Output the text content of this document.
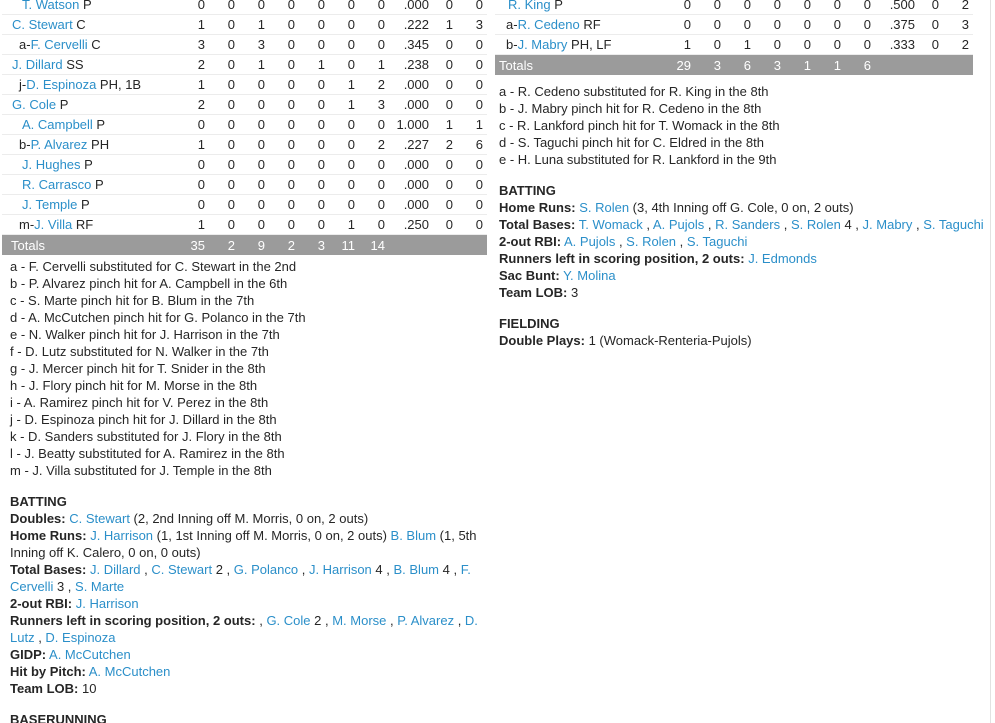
T. Watson P	0	0	0	0	0	0	0	.000	0	0
C. Stewart C	1	0	1	0	0	0	0	.222	1	3
a-F. Cervelli C	3	0	3	0	0	0	0	.345	0	0
J. Dillard SS	2	0	1	0	1	0	1	.238	0	0
j-D. Espinoza PH, 1B	1	0	0	0	0	1	2	.000	0	0
G. Cole P	2	0	0	0	0	1	3	.000	0	0
A. Campbell P	0	0	0	0	0	0	0 1.000	1	1
b-P. Alvarez PH	1	0	0	0	0	0	2	.227	2	6
J. Hughes P	0	0	0	0	0	0	0	.000	0	0
R. Carrasco P	0	0	0	0	0	0	0	.000	0	0
J. Temple P	0	0	0	0	0	0	0	.000	0	0
m-J. Villa RF	1	0	0	0	0	1	0	.250	0	0
Totals	35	2	9	2	3	11	14
a - F. Cervelli substituted for C. Stewart in the 2nd
b - P. Alvarez pinch hit for A. Campbell in the 6th
c - S. Marte pinch hit for B. Blum in the 7th
d - A. McCutchen pinch hit for G. Polanco in the 7th
e - N. Walker pinch hit for J. Harrison in the 7th
f - D. Lutz substituted for N. Walker in the 7th
g - J. Mercer pinch hit for T. Snider in the 8th
h - J. Flory pinch hit for M. Morse in the 8th
i - A. Ramirez pinch hit for V. Perez in the 8th
j - D. Espinoza pinch hit for J. Dillard in the 8th
k - D. Sanders substituted for J. Flory in the 8th
l - J. Beatty substituted for A. Ramirez in the 8th
m - J. Villa substituted for J. Temple in the 8th
BATTING
Doubles: C. Stewart (2, 2nd Inning off M. Morris, 0 on, 2 outs)
Home Runs: J. Harrison (1, 1st Inning off M. Morris, 0 on, 2 outs) B. Blum (1, 5th Inning off K. Calero, 0 on, 0 outs)
Total Bases: J. Dillard , C. Stewart 2 , G. Polanco , J. Harrison 4 , B. Blum 4 , F. Cervelli 3 , S. Marte
2-out RBI: J. Harrison
Runners left in scoring position, 2 outs: , G. Cole 2 , M. Morse , P. Alvarez , D. Lutz , D. Espinoza
GIDP: A. McCutchen
Hit by Pitch: A. McCutchen
Team LOB: 10
BASERUNNING
R. King P	0	0	0	0	0	0	0	.500	0	2
a-R. Cedeno RF	0	0	0	0	0	0	0	.375	0	3
b-J. Mabry PH, LF	1	0	1	0	0	0	0	.333	0	2
Totals	29	3	6	3	1	1	6
a - R. Cedeno substituted for R. King in the 8th
b - J. Mabry pinch hit for R. Cedeno in the 8th
c - R. Lankford pinch hit for T. Womack in the 8th
d - S. Taguchi pinch hit for C. Eldred in the 8th
e - H. Luna substituted for R. Lankford in the 9th
BATTING
Home Runs: S. Rolen (3, 4th Inning off G. Cole, 0 on, 2 outs)
Total Bases: T. Womack , A. Pujols , R. Sanders , S. Rolen 4 , J. Mabry , S. Taguchi
2-out RBI: A. Pujols , S. Rolen , S. Taguchi
Runners left in scoring position, 2 outs: J. Edmonds
Sac Bunt: Y. Molina
Team LOB: 3
FIELDING
Double Plays: 1 (Womack-Renteria-Pujols)
